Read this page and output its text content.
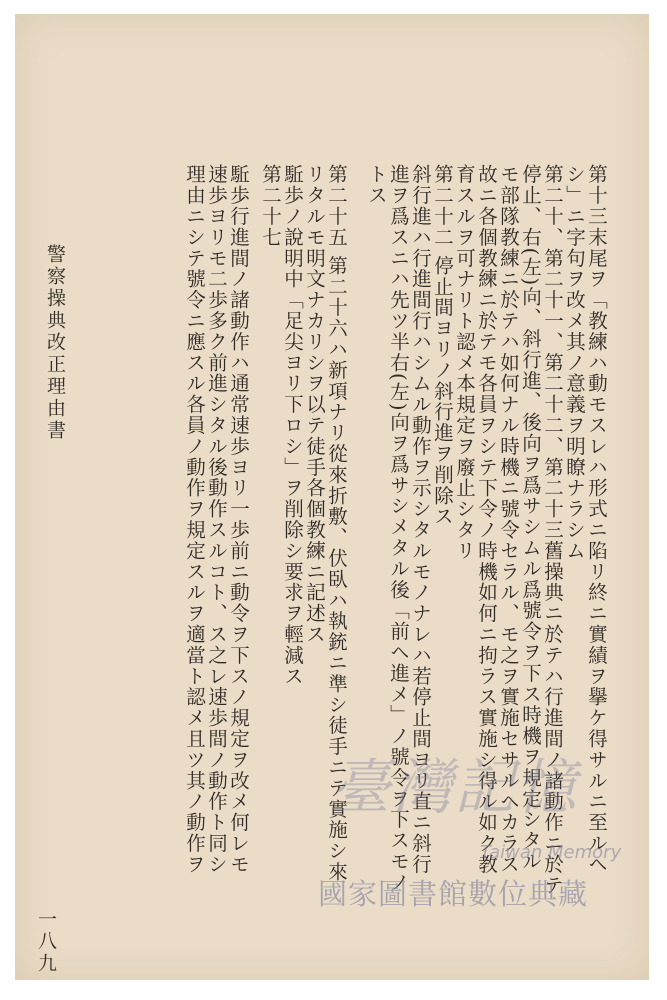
第十三末尾ヲ「教練ハ動モスレハ形式ニ陷リ終ニ實績ヲ擧ケ得サルニ至ルヘ
シ」ニ字句ヲ改メ其ノ意義ヲ明瞭ナラシム
第二十、第二十一、第二十二、第二十三舊操典ニ於テハ行進間ノ諸動作ニ於テ
停止、右(左)向、斜行進、後向ヲ爲サシムル爲號令ヲ下ス時機ヲ規定シタル
モ部隊教練ニ於テハ如何ナル時機ニ號令セラル、モ之ヲ實施セサルヘカラス
故ニ各個教練ニ於テモ各員ヲシテ下令ノ時機如何ニ拘ラス實施シ得ル如ク教
育スルヲ可ナリト認メ本規定ヲ廢止シタリ
第二十二 停止間ヨリノ斜行進ヲ削除ス
斜行進ハ行進間行ハシムル動作ヲ示シタルモノナレハ若停止間ヨリ直ニ斜行
進ヲ爲スニハ先ツ半右(左)向ヲ爲サシメタル後「前ヘ進メ」ノ號令ヲ下スモノ
トス
第二十五 第二十六ハ新項ナリ從來折敷、伏臥ハ執銃ニ準シ徒手ニテ實施シ來
リタルモ明文ナカリシヲ以テ徒手各個教練ニ記述ス
駈歩ノ說明中「足尖ヨリ下ロシ」ヲ削除シ要求ヲ輕減ス
第二十七
駈歩行進間ノ諸動作ハ通常速歩ヨリ一歩前ニ動令ヲ下スノ規定ヲ改メ何レモ
速歩ヨリモ二歩多ク前進シタル後動作スルコト、ス之レ速歩間ノ動作ト同シ
理由ニシテ號令ニ應スル各員ノ動作ヲ規定スルヲ適當ト認メ且ツ其ノ動作ヲ
警察操典改正理由書
一八九
臺灣記憶
Taiwan Memory
國家圖書館數位典藏
